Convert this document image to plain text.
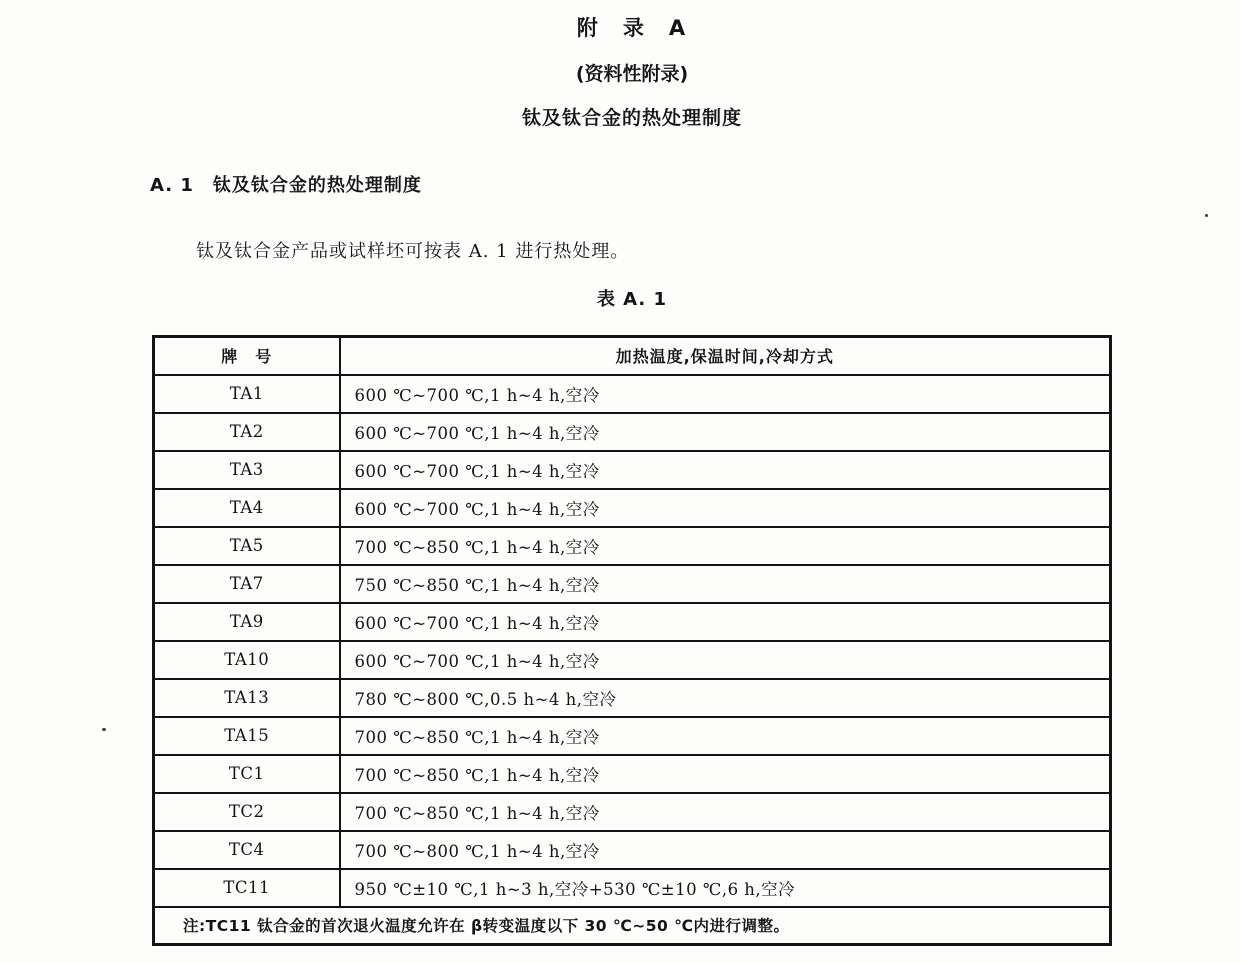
附　录　A
(资料性附录)
钛及钛合金的热处理制度
A. 1　钛及钛合金的热处理制度
钛及钛合金产品或试样坯可按表 A. 1 进行热处理。
表 A. 1
牌　号	加热温度,保温时间,冷却方式
TA1	600 ℃~700 ℃,1 h~4 h,空冷
TA2	600 ℃~700 ℃,1 h~4 h,空冷
TA3	600 ℃~700 ℃,1 h~4 h,空冷
TA4	600 ℃~700 ℃,1 h~4 h,空冷
TA5	700 ℃~850 ℃,1 h~4 h,空冷
TA7	750 ℃~850 ℃,1 h~4 h,空冷
TA9	600 ℃~700 ℃,1 h~4 h,空冷
TA10	600 ℃~700 ℃,1 h~4 h,空冷
TA13	780 ℃~800 ℃,0.5 h~4 h,空冷
TA15	700 ℃~850 ℃,1 h~4 h,空冷
TC1	700 ℃~850 ℃,1 h~4 h,空冷
TC2	700 ℃~850 ℃,1 h~4 h,空冷
TC4	700 ℃~800 ℃,1 h~4 h,空冷
TC11	950 ℃±10 ℃,1 h~3 h,空冷+530 ℃±10 ℃,6 h,空冷
注:TC11 钛合金的首次退火温度允许在 β转变温度以下 30 ℃~50 ℃内进行调整。	
